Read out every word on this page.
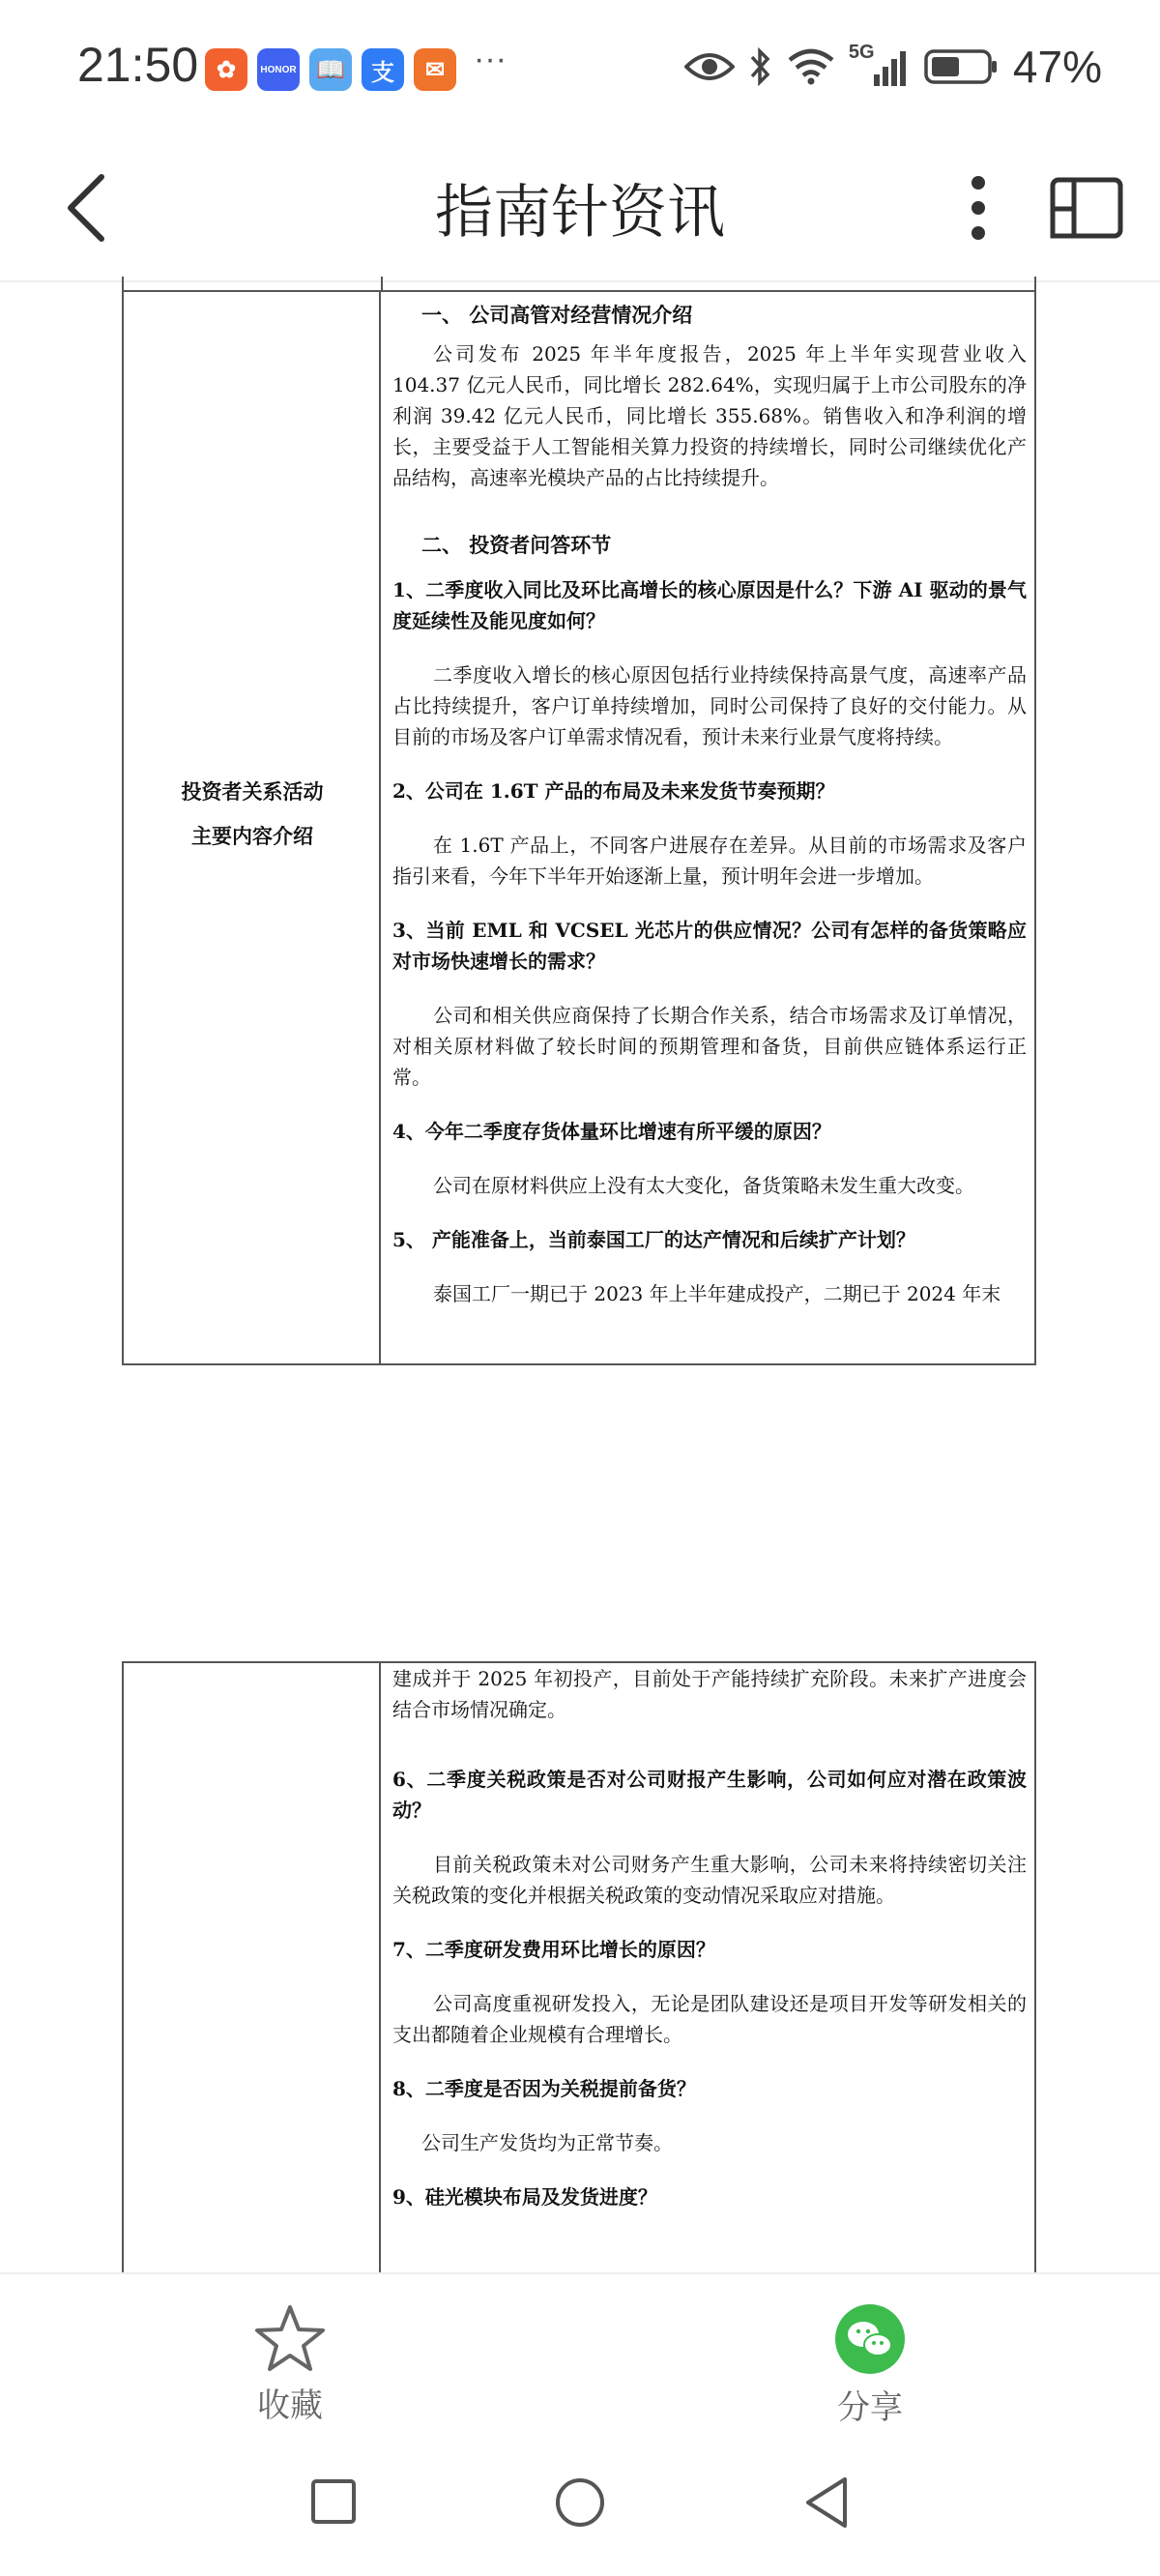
21:50 ✿	HONOR 📖	支	✉ ···	5G	47%
指南针资讯
投资者关系活动
主要内容介绍

一、 公司高管对经营情况介绍

公司发布 2025 年半年度报告，2025 年上半年实现营业收入 104.37 亿元人民币，同比增长 282.64%，实现归属于上市公司股东的净利润 39.42 亿元人民币，同比增长 355.68%。销售收入和净利润的增长，主要受益于人工智能相关算力投资的持续增长，同时公司继续优化产品结构，高速率光模块产品的占比持续提升。

二、 投资者问答环节

1、二季度收入同比及环比高增长的核心原因是什么？下游 AI 驱动的景气度延续性及能见度如何？

二季度收入增长的核心原因包括行业持续保持高景气度，高速率产品占比持续提升，客户订单持续增加，同时公司保持了良好的交付能力。从目前的市场及客户订单需求情况看，预计未来行业景气度将持续。

2、公司在 1.6T 产品的布局及未来发货节奏预期？

在 1.6T 产品上，不同客户进展存在差异。从目前的市场需求及客户指引来看，今年下半年开始逐渐上量，预计明年会进一步增加。

3、当前 EML 和 VCSEL 光芯片的供应情况？公司有怎样的备货策略应对市场快速增长的需求？

公司和相关供应商保持了长期合作关系，结合市场需求及订单情况，对相关原材料做了较长时间的预期管理和备货，目前供应链体系运行正常。

4、今年二季度存货体量环比增速有所平缓的原因？

公司在原材料供应上没有太大变化，备货策略未发生重大改变。

5、 产能准备上，当前泰国工厂的达产情况和后续扩产计划？

泰国工厂一期已于 2023 年上半年建成投产，二期已于 2024 年末

建成并于 2025 年初投产，目前处于产能持续扩充阶段。未来扩产进度会结合市场情况确定。

6、二季度关税政策是否对公司财报产生影响，公司如何应对潜在政策波动？

目前关税政策未对公司财务产生重大影响，公司未来将持续密切关注关税政策的变化并根据关税政策的变动情况采取应对措施。

7、二季度研发费用环比增长的原因？

公司高度重视研发投入，无论是团队建设还是项目开发等研发相关的支出都随着企业规模有合理增长。

8、二季度是否因为关税提前备货？

公司生产发货均为正常节奏。

9、硅光模块布局及发货进度？

收藏	分享
